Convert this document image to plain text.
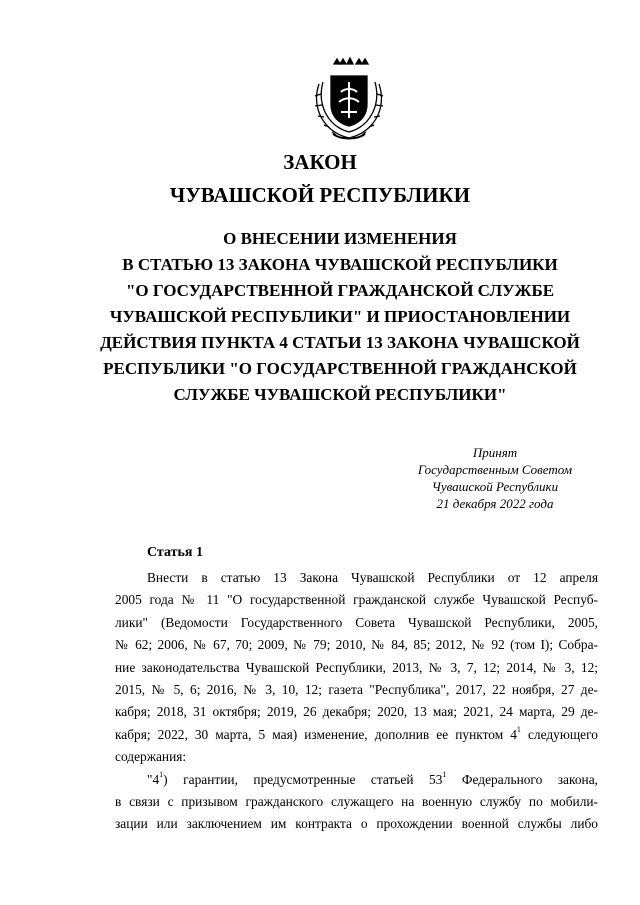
ЗАКОН
ЧУВАШСКОЙ РЕСПУБЛИКИ
О ВНЕСЕНИИ ИЗМЕНЕНИЯ
В СТАТЬЮ 13 ЗАКОНА ЧУВАШСКОЙ РЕСПУБЛИКИ
"О ГОСУДАРСТВЕННОЙ ГРАЖДАНСКОЙ СЛУЖБЕ
ЧУВАШСКОЙ РЕСПУБЛИКИ" И ПРИОСТАНОВЛЕНИИ
ДЕЙСТВИЯ ПУНКТА 4 СТАТЬИ 13 ЗАКОНА ЧУВАШСКОЙ
РЕСПУБЛИКИ "О ГОСУДАРСТВЕННОЙ ГРАЖДАНСКОЙ
СЛУЖБЕ ЧУВАШСКОЙ РЕСПУБЛИКИ"
Принят
Государственным Советом
Чувашской Республики
21 декабря 2022 года
Статья 1
Внести в статью 13 Закона Чувашской Республики от 12 апреля
2005 года № 11 "О государственной гражданской службе Чувашской Респуб-
лики" (Ведомости Государственного Совета Чувашской Республики, 2005,
№ 62; 2006, № 67, 70; 2009, № 79; 2010, № 84, 85; 2012, № 92 (том I); Собра-
ние законодательства Чувашской Республики, 2013, № 3, 7, 12; 2014, № 3, 12;
2015, № 5, 6; 2016, № 3, 10, 12; газета "Республика", 2017, 22 ноября, 27 де-
кабря; 2018, 31 октября; 2019, 26 декабря; 2020, 13 мая; 2021, 24 марта, 29 де-
кабря; 2022, 30 марта, 5 мая) изменение, дополнив ее пунктом $4^1$ следующего
содержания:
"$4^1$) гарантии, предусмотренные статьей $53^1$ Федерального закона,
в связи с призывом гражданского служащего на военную службу по мобили-
зации или заключением им контракта о прохождении военной службы либо
